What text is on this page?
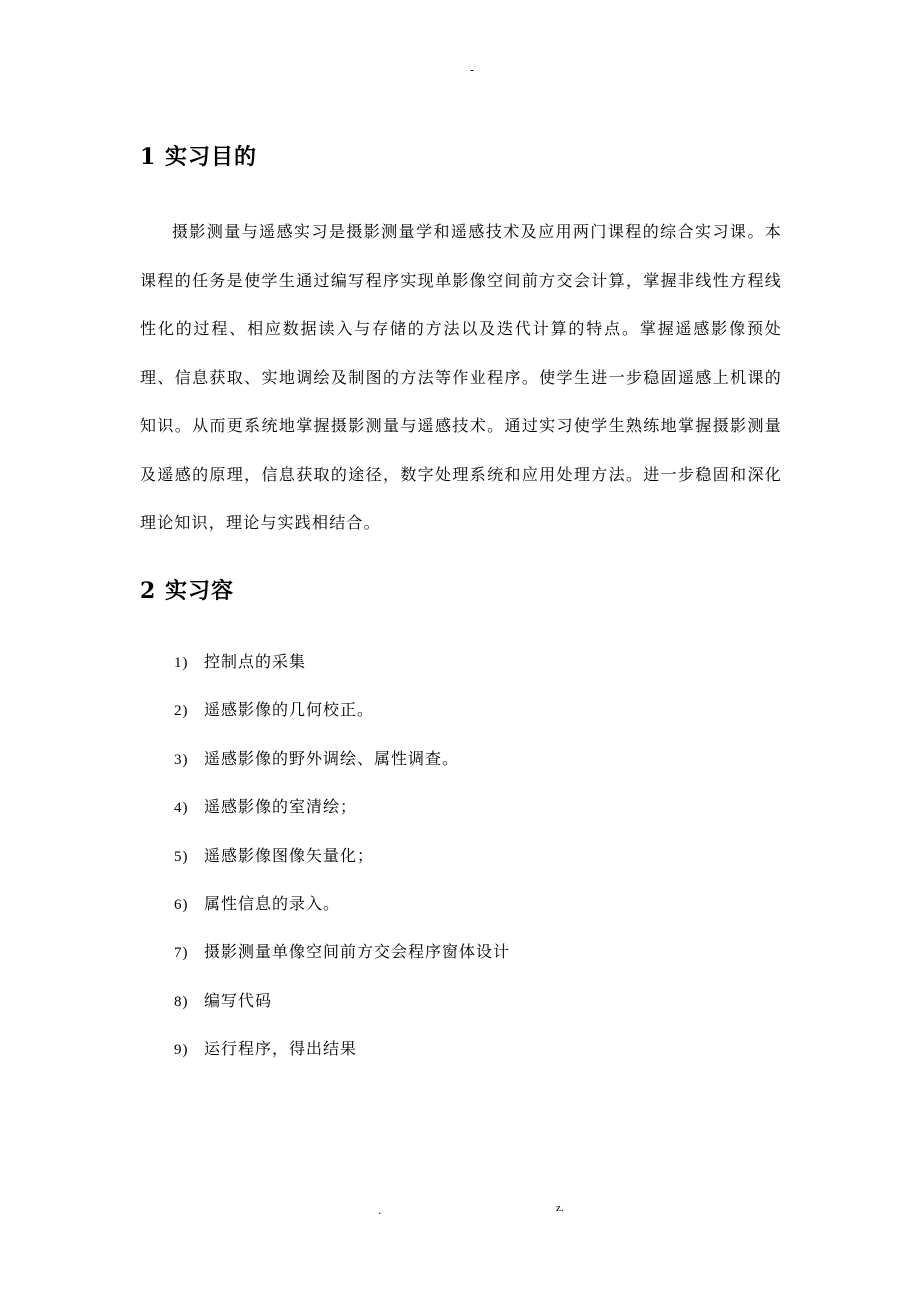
-
1 实习目的

摄影测量与遥感实习是摄影测量学和遥感技术及应用两门课程的综合实习课。本课程的任务是使学生通过编写程序实现单影像空间前方交会计算，掌握非线性方程线性化的过程、相应数据读入与存储的方法以及迭代计算的特点。掌握遥感影像预处理、信息获取、实地调绘及制图的方法等作业程序。使学生进一步稳固遥感上机课的知识。从而更系统地掌握摄影测量与遥感技术。通过实习使学生熟练地掌握摄影测量及遥感的原理，信息获取的途径，数字处理系统和应用处理方法。进一步稳固和深化理论知识，理论与实践相结合。

2 实习容
1) 控制点的采集
2) 遥感影像的几何校正。
3) 遥感影像的野外调绘、属性调查。
4) 遥感影像的室清绘；
5) 遥感影像图像矢量化；
6) 属性信息的录入。
7) 摄影测量单像空间前方交会程序窗体设计
8) 编写代码
9) 运行程序，得出结果
.	z.
